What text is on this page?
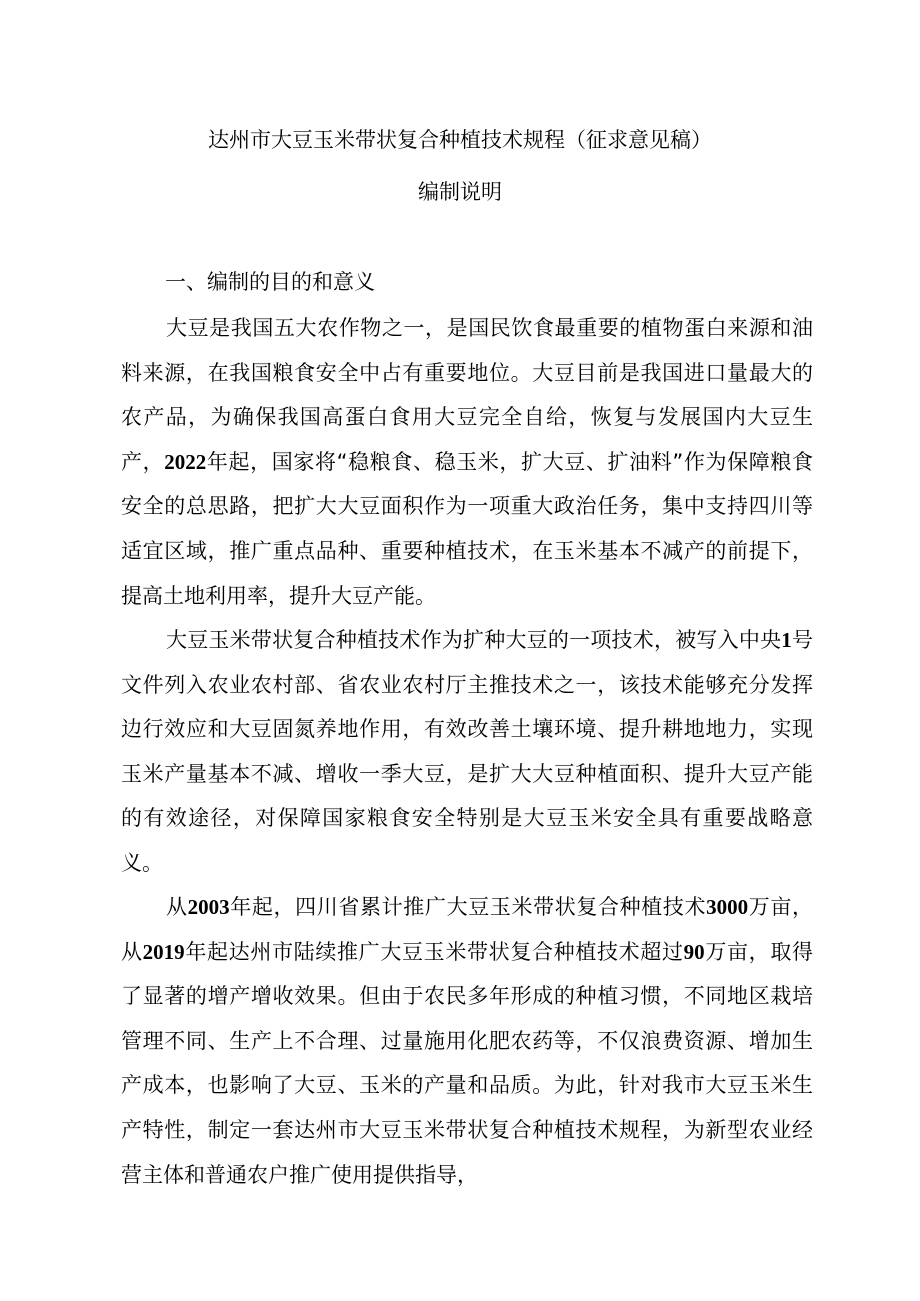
达州市大豆玉米带状复合种植技术规程（征求意见稿）
编制说明
一、编制的目的和意义

大豆是我国五大农作物之一，是国民饮食最重要的植物蛋白来源和油料来源，在我国粮食安全中占有重要地位。大豆目前是我国进口量最大的农产品，为确保我国高蛋白食用大豆完全自给，恢复与发展国内大豆生产，2022年起，国家将“稳粮食、稳玉米，扩大豆、扩油料”作为保障粮食安全的总思路，把扩大大豆面积作为一项重大政治任务，集中支持四川等适宜区域，推广重点品种、重要种植技术，在玉米基本不减产的前提下，提高土地利用率，提升大豆产能。

大豆玉米带状复合种植技术作为扩种大豆的一项技术，被写入中央1号文件列入农业农村部、省农业农村厅主推技术之一，该技术能够充分发挥边行效应和大豆固氮养地作用，有效改善土壤环境、提升耕地地力，实现玉米产量基本不减、增收一季大豆，是扩大大豆种植面积、提升大豆产能的有效途径，对保障国家粮食安全特别是大豆玉米安全具有重要战略意义。

从2003年起，四川省累计推广大豆玉米带状复合种植技术3000万亩，从2019年起达州市陆续推广大豆玉米带状复合种植技术超过90万亩，取得了显著的增产增收效果。但由于农民多年形成的种植习惯，不同地区栽培管理不同、生产上不合理、过量施用化肥农药等，不仅浪费资源、增加生产成本，也影响了大豆、玉米的产量和品质。为此，针对我市大豆玉米生产特性，制定一套达州市大豆玉米带状复合种植技术规程，为新型农业经营主体和普通农户推广使用提供指导，
